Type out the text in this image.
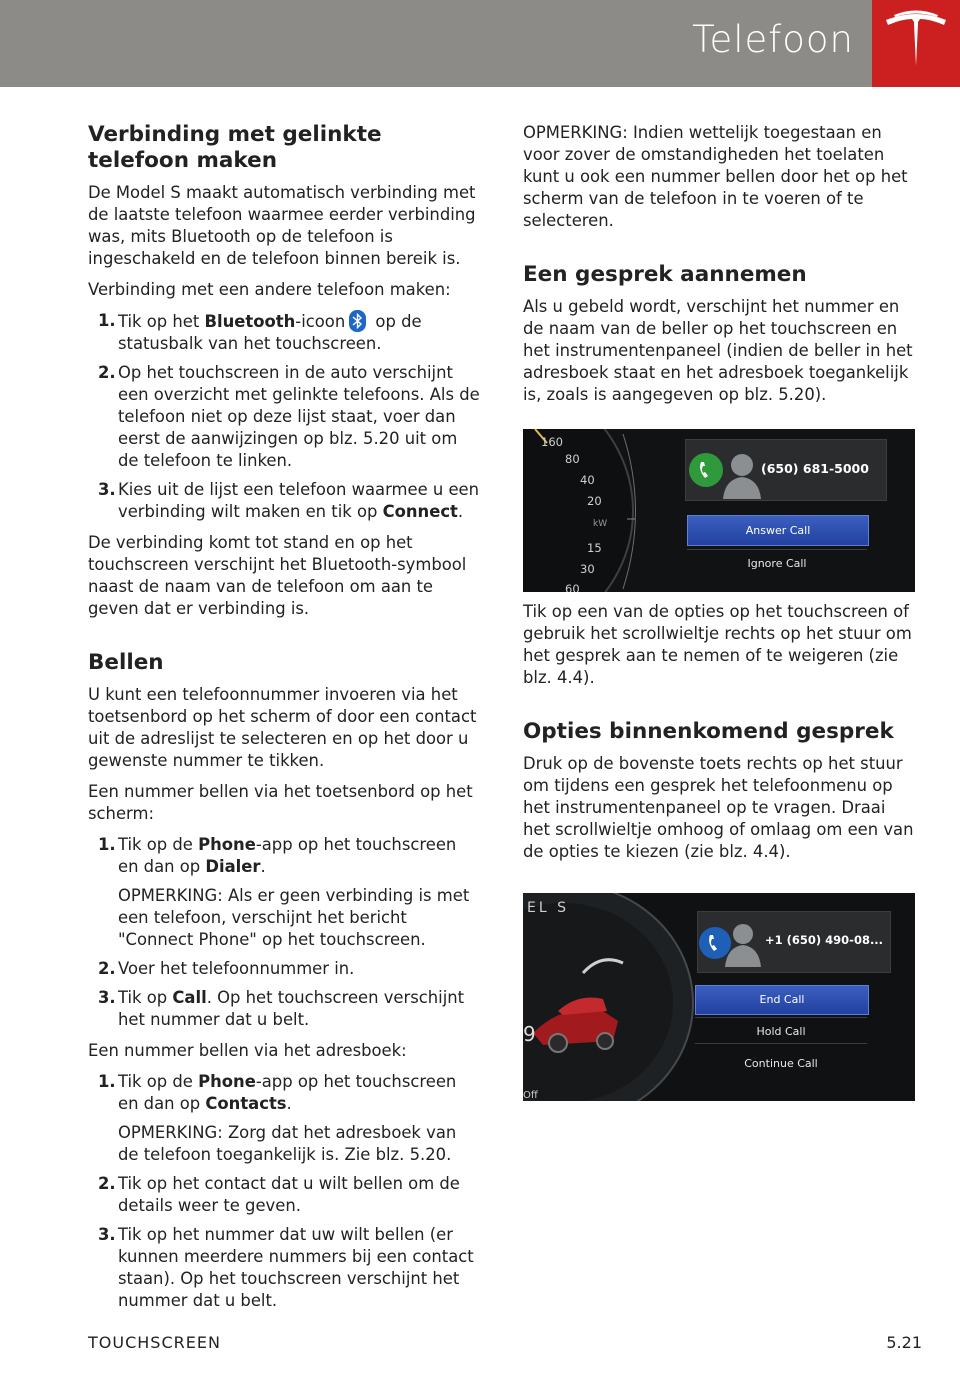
Telefoon
Verbinding met gelinkte telefoon maken

De Model S maakt automatisch verbinding met de laatste telefoon waarmee eerder verbinding was, mits Bluetooth op de telefoon is ingeschakeld en de telefoon binnen bereik is.

Verbinding met een andere telefoon maken:

1. Tik op het Bluetooth-icoon op de statusbalk van het touchscreen.
2. Op het touchscreen in de auto verschijnt een overzicht met gelinkte telefoons. Als de telefoon niet op deze lijst staat, voer dan eerst de aanwijzingen op blz. 5.20 uit om de telefoon te linken.
3. Kies uit de lijst een telefoon waarmee u een verbinding wilt maken en tik op Connect.

De verbinding komt tot stand en op het touchscreen verschijnt het Bluetooth-symbool naast de naam van de telefoon om aan te geven dat er verbinding is.

Bellen

U kunt een telefoonnummer invoeren via het toetsenbord op het scherm of door een contact uit de adreslijst te selecteren en op het door u gewenste nummer te tikken.

Een nummer bellen via het toetsenbord op het scherm:

1. Tik op de Phone-app op het touchscreen en dan op Dialer.

OPMERKING: Als er geen verbinding is met een telefoon, verschijnt het bericht "Connect Phone" op het touchscreen.

2. Voer het telefoonnummer in.
3. Tik op Call. Op het touchscreen verschijnt het nummer dat u belt.

Een nummer bellen via het adresboek:

1. Tik op de Phone-app op het touchscreen en dan op Contacts.

OPMERKING: Zorg dat het adresboek van de telefoon toegankelijk is. Zie blz. 5.20.

2. Tik op het contact dat u wilt bellen om de details weer te geven.
3. Tik op het nummer dat uw wilt bellen (er kunnen meerdere nummers bij een contact staan). Op het touchscreen verschijnt het nummer dat u belt.

OPMERKING: Indien wettelijk toegestaan en voor zover de omstandigheden het toelaten kunt u ook een nummer bellen door het op het scherm van de telefoon in te voeren of te selecteren.

Een gesprek aannemen

Als u gebeld wordt, verschijnt het nummer en de naam van de beller op het touchscreen en het instrumentenpaneel (indien de beller in het adresboek staat en het adresboek toegankelijk is, zoals is aangegeven op blz. 5.20).

160
80
40
20
kW
15
30
60
(650) 681-5000
Answer Call
Ignore Call

Tik op een van de opties op het touchscreen of gebruik het scrollwieltje rechts op het stuur om het gesprek aan te nemen of te weigeren (zie blz. 4.4).

Opties binnenkomend gesprek

Druk op de bovenste toets rechts op het stuur om tijdens een gesprek het telefoonmenu op het instrumentenpaneel op te vragen. Draai het scrollwieltje omhoog of omlaag om een van de opties te kiezen (zie blz. 4.4).

EL S
9
Off
+1 (650) 490-08...
End Call
Hold Call
Continue Call
TOUCHSCREEN	5.21
